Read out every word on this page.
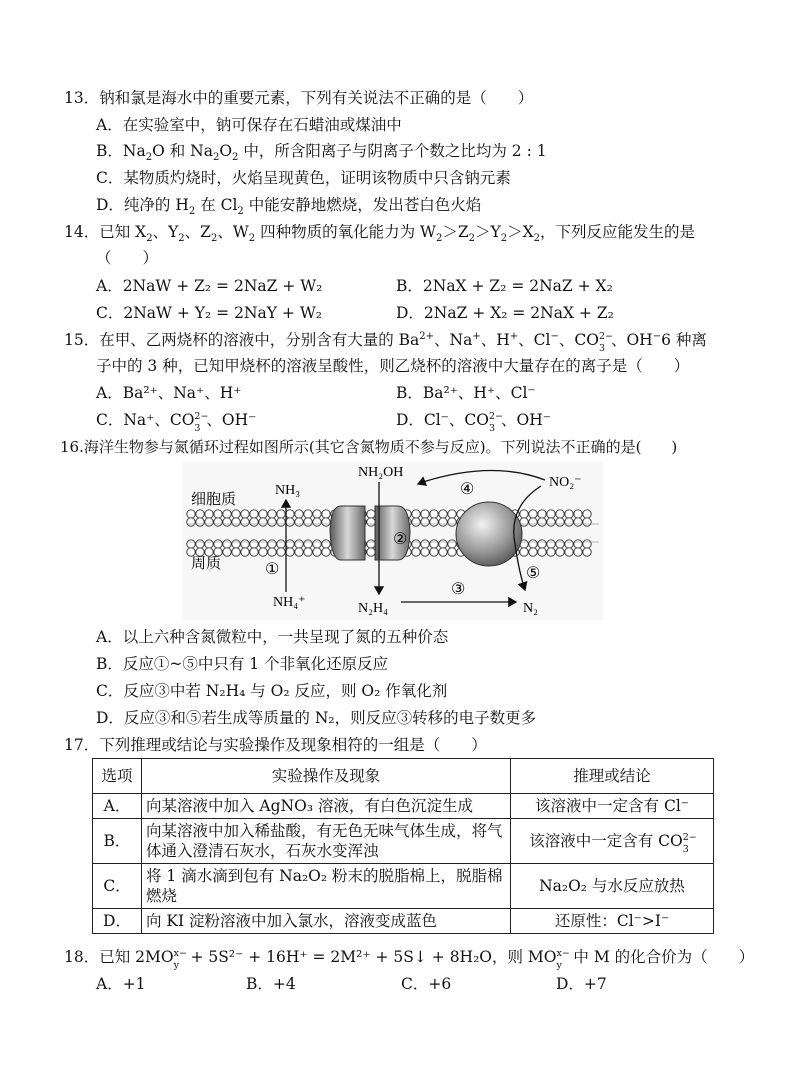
13．钠和氯是海水中的重要元素，下列有关说法不正确的是（　　）
A．在实验室中，钠可保存在石蜡油或煤油中
B．$Na_2O$ 和 $Na_2O_2$ 中，所含阳离子与阴离子个数之比均为 2 : 1
C．某物质灼烧时，火焰呈现黄色，证明该物质中只含钠元素
D．纯净的 $H_2$ 在 $Cl_2$ 中能安静地燃烧，发出苍白色火焰
14．已知 $X_2$、$Y_2$、$Z_2$、$W_2$ 四种物质的氧化能力为 $W_2>Z_2>Y_2>X_2$，下列反应能发生的是
（　　）
A．2NaW + Z₂ = 2NaZ + W₂	B．2NaX + Z₂ = 2NaZ + X₂
C．2NaW + Y₂ = 2NaY + W₂	D．2NaZ + X₂ = 2NaX + Z₂
15．在甲、乙两烧杯的溶液中，分别含有大量的 $Ba^{2+}$、Na+、H+、Cl−、CO 2−
3 、OH−6 种离
子中的 3 种，已知甲烧杯的溶液呈酸性，则乙烧杯的溶液中大量存在的离子是（　　）
A．Ba²⁺、Na⁺、H⁺	B．Ba²⁺、H⁺、Cl⁻
C．Na⁺、CO 2−
3 、OH⁻	D．Cl⁻、CO 2−
3 、OH⁻
16.海洋生物参与氮循环过程如图所示(其它含氮物质不参与反应)。下列说法不正确的是(　　)
细胞质
周质
NH₃
NH₂OH
NO₂⁻
NH₄⁺	N₂H₄	N₂
①
②
③
④
⑤
A．以上六种含氮微粒中，一共呈现了氮的五种价态
B．反应①~⑤中只有 1 个非氧化还原反应
C．反应③中若 N₂H₄ 与 O₂ 反应，则 O₂ 作氧化剂
D．反应③和⑤若生成等质量的 N₂，则反应③转移的电子数更多
17．下列推理或结论与实验操作及现象相符的一组是（　　）
选项	实验操作及现象	推理或结论
A．	向某溶液中加入 AgNO₃ 溶液，有白色沉淀生成	该溶液中一定含有 Cl⁻
B．	向某溶液中加入稀盐酸，有无色无味气体生成，将气体通入澄清石灰水，石灰水变浑浊	该溶液中一定含有 CO 2−
3

C．	将 1 滴水滴到包有 Na₂O₂ 粉末的脱脂棉上，脱脂棉燃烧	Na₂O₂ 与水反应放热
D．	向 KI 淀粉溶液中加入氯水，溶液变成蓝色	还原性：Cl⁻>I⁻
18．已知 2MO x−
y + 5S²⁻ + 16H⁺ = 2M²⁺ + 5S↓ + 8H₂O，则 MO x−
y 中 M 的化合价为（　　）
A．+1	B．+4	C．+6	D．+7
